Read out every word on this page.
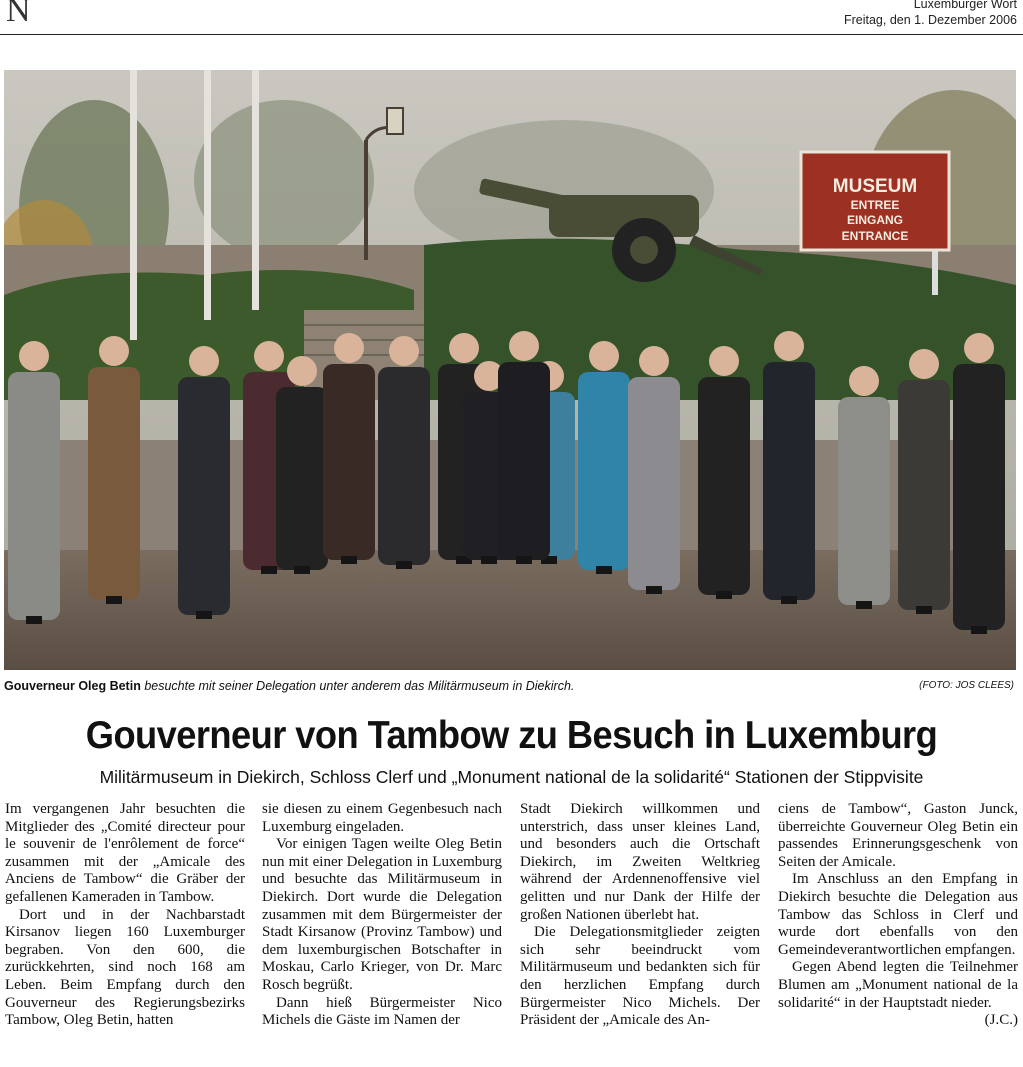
N	Luxemburger Wort
Freitag, den 1. Dezember 2006
MUSEUM
ENTREE
EINGANG
ENTRANCE
Gouverneur Oleg Betin besuchte mit seiner Delegation unter anderem das Militärmuseum in Diekirch.	(FOTO: JOS CLEES)
Gouverneur von Tambow zu Besuch in Luxemburg
Militärmuseum in Diekirch, Schloss Clerf und „Monument national de la solidarité“ Stationen der Stippvisite

Im vergangenen Jahr besuchten die Mitglieder des „Comité directeur pour le souvenir de l'enrôlement de force“ zusammen mit der „Amicale des Anciens de Tambow“ die Gräber der gefallenen Kameraden in Tambow.

Dort und in der Nachbarstadt Kirsanov liegen 160 Luxemburger begraben. Von den 600, die zurückkehrten, sind noch 168 am Leben. Beim Empfang durch den Gouverneur des Regierungsbezirks Tambow, Oleg Betin, hatten

sie diesen zu einem Gegenbesuch nach Luxemburg eingeladen.

Vor einigen Tagen weilte Oleg Betin nun mit einer Delegation in Luxemburg und besuchte das Militärmuseum in Diekirch. Dort wurde die Delegation zusammen mit dem Bürgermeister der Stadt Kirsanow (Provinz Tambow) und dem luxemburgischen Botschafter in Moskau, Carlo Krieger, von Dr. Marc Rosch begrüßt.

Dann hieß Bürgermeister Nico Michels die Gäste im Namen der

Stadt Diekirch willkommen und unterstrich, dass unser kleines Land, und besonders auch die Ortschaft Diekirch, im Zweiten Weltkrieg während der Ardennenoffensive viel gelitten und nur Dank der Hilfe der großen Nationen überlebt hat.

Die Delegationsmitglieder zeigten sich sehr beeindruckt vom Militärmuseum und bedankten sich für den herzlichen Empfang durch Bürgermeister Nico Michels. Der Präsident der „Amicale des An-

ciens de Tambow“, Gaston Junck, überreichte Gouverneur Oleg Betin ein passendes Erinnerungsgeschenk von Seiten der Amicale.

Im Anschluss an den Empfang in Diekirch besuchte die Delegation aus Tambow das Schloss in Clerf und wurde dort ebenfalls von den Gemeindeverantwortlichen empfangen.

Gegen Abend legten die Teilnehmer Blumen am „Monument national de la solidarité“ in der Hauptstadt nieder.
(J.C.)
